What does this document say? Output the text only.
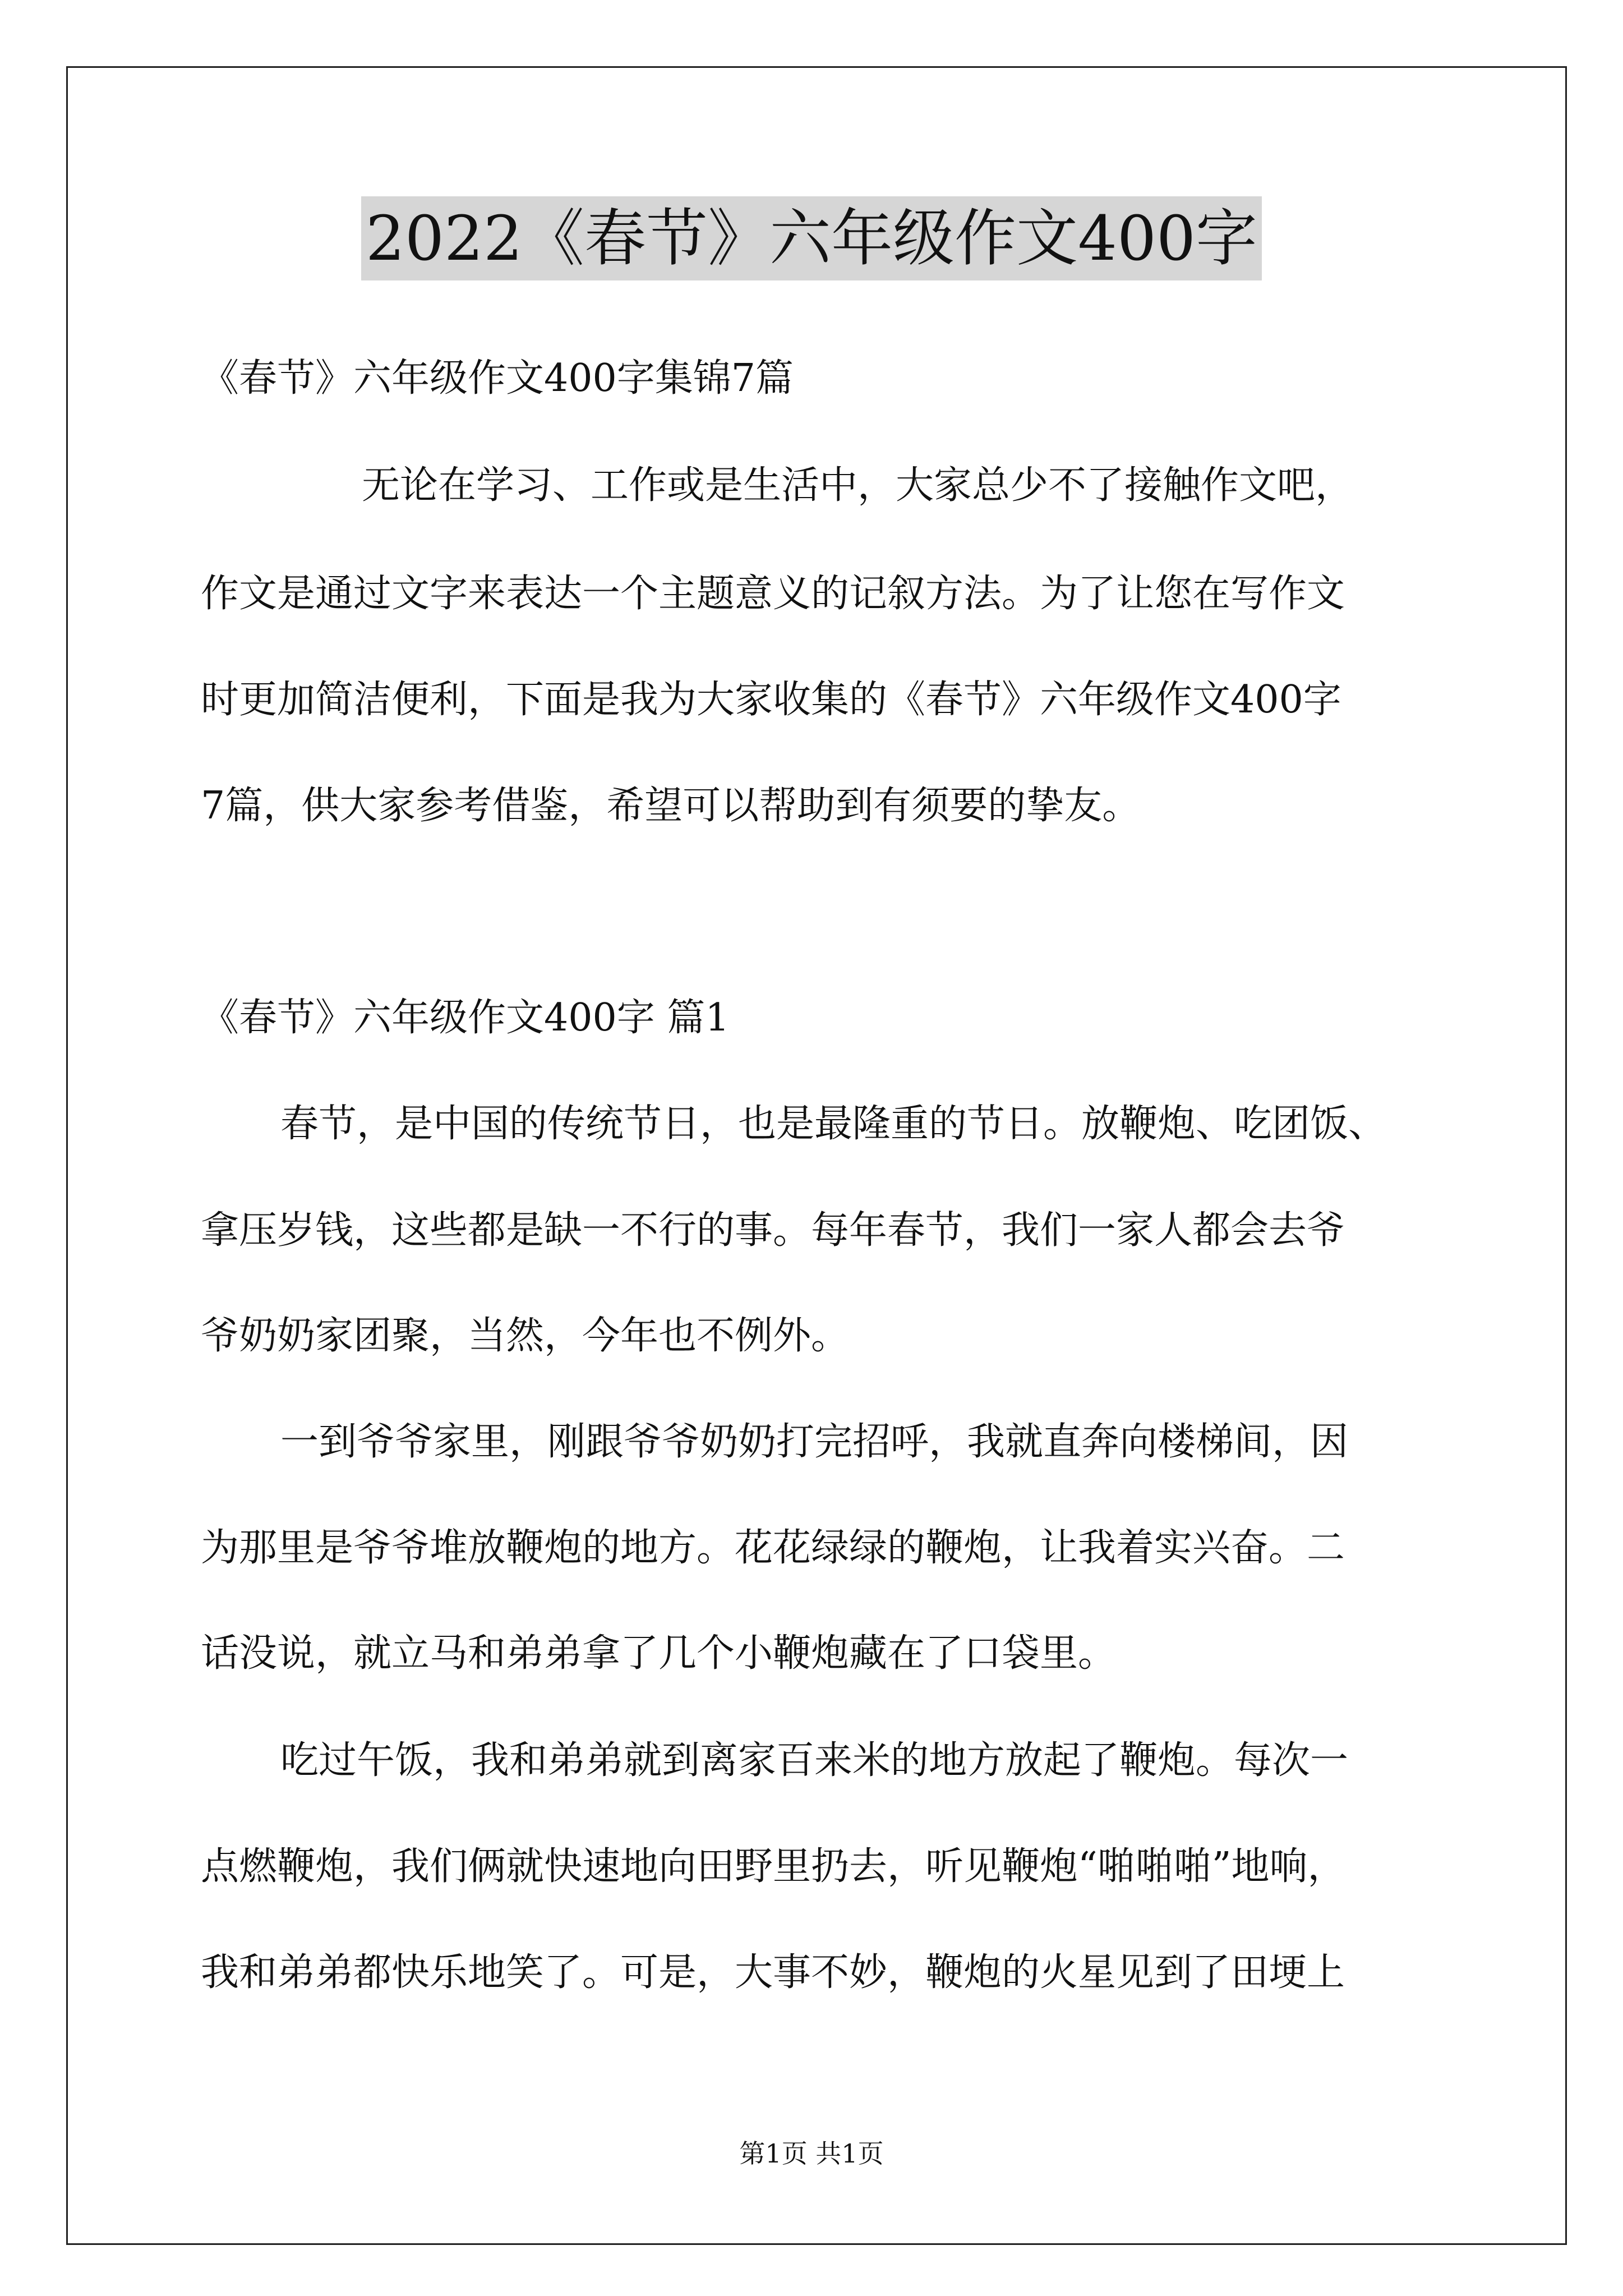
2022《春节》六年级作文400字
《春节》六年级作文400字集锦7篇
无论在学习、工作或是生活中，大家总少不了接触作文吧，
作文是通过文字来表达一个主题意义的记叙方法。为了让您在写作文
时更加简洁便利，下面是我为大家收集的《春节》六年级作文400字
7篇，供大家参考借鉴，希望可以帮助到有须要的挚友。
《春节》六年级作文400字 篇1
春节，是中国的传统节日，也是最隆重的节日。放鞭炮、吃团饭、
拿压岁钱，这些都是缺一不行的事。每年春节，我们一家人都会去爷
爷奶奶家团聚，当然，今年也不例外。
一到爷爷家里，刚跟爷爷奶奶打完招呼，我就直奔向楼梯间，因
为那里是爷爷堆放鞭炮的地方。花花绿绿的鞭炮，让我着实兴奋。二
话没说，就立马和弟弟拿了几个小鞭炮藏在了口袋里。
吃过午饭，我和弟弟就到离家百来米的地方放起了鞭炮。每次一
点燃鞭炮，我们俩就快速地向田野里扔去，听见鞭炮“啪啪啪”地响，
我和弟弟都快乐地笑了。可是，大事不妙，鞭炮的火星见到了田埂上
第1页 共1页
